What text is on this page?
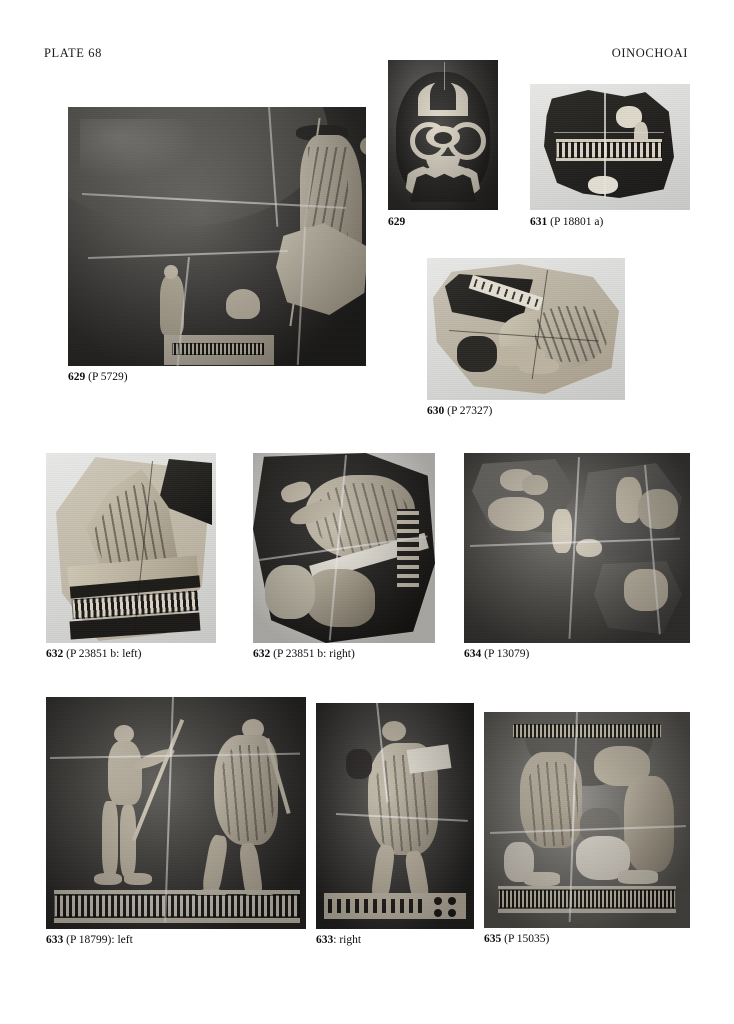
PLATE 68	OINOCHOAI
629	631 (P 18801 a)
629 (P 5729)
630 (P 27327)
632 (P 23851 b: left)	632 (P 23851 b: right)	634 (P 13079)
633 (P 18799): left	633: right	635 (P 15035)
